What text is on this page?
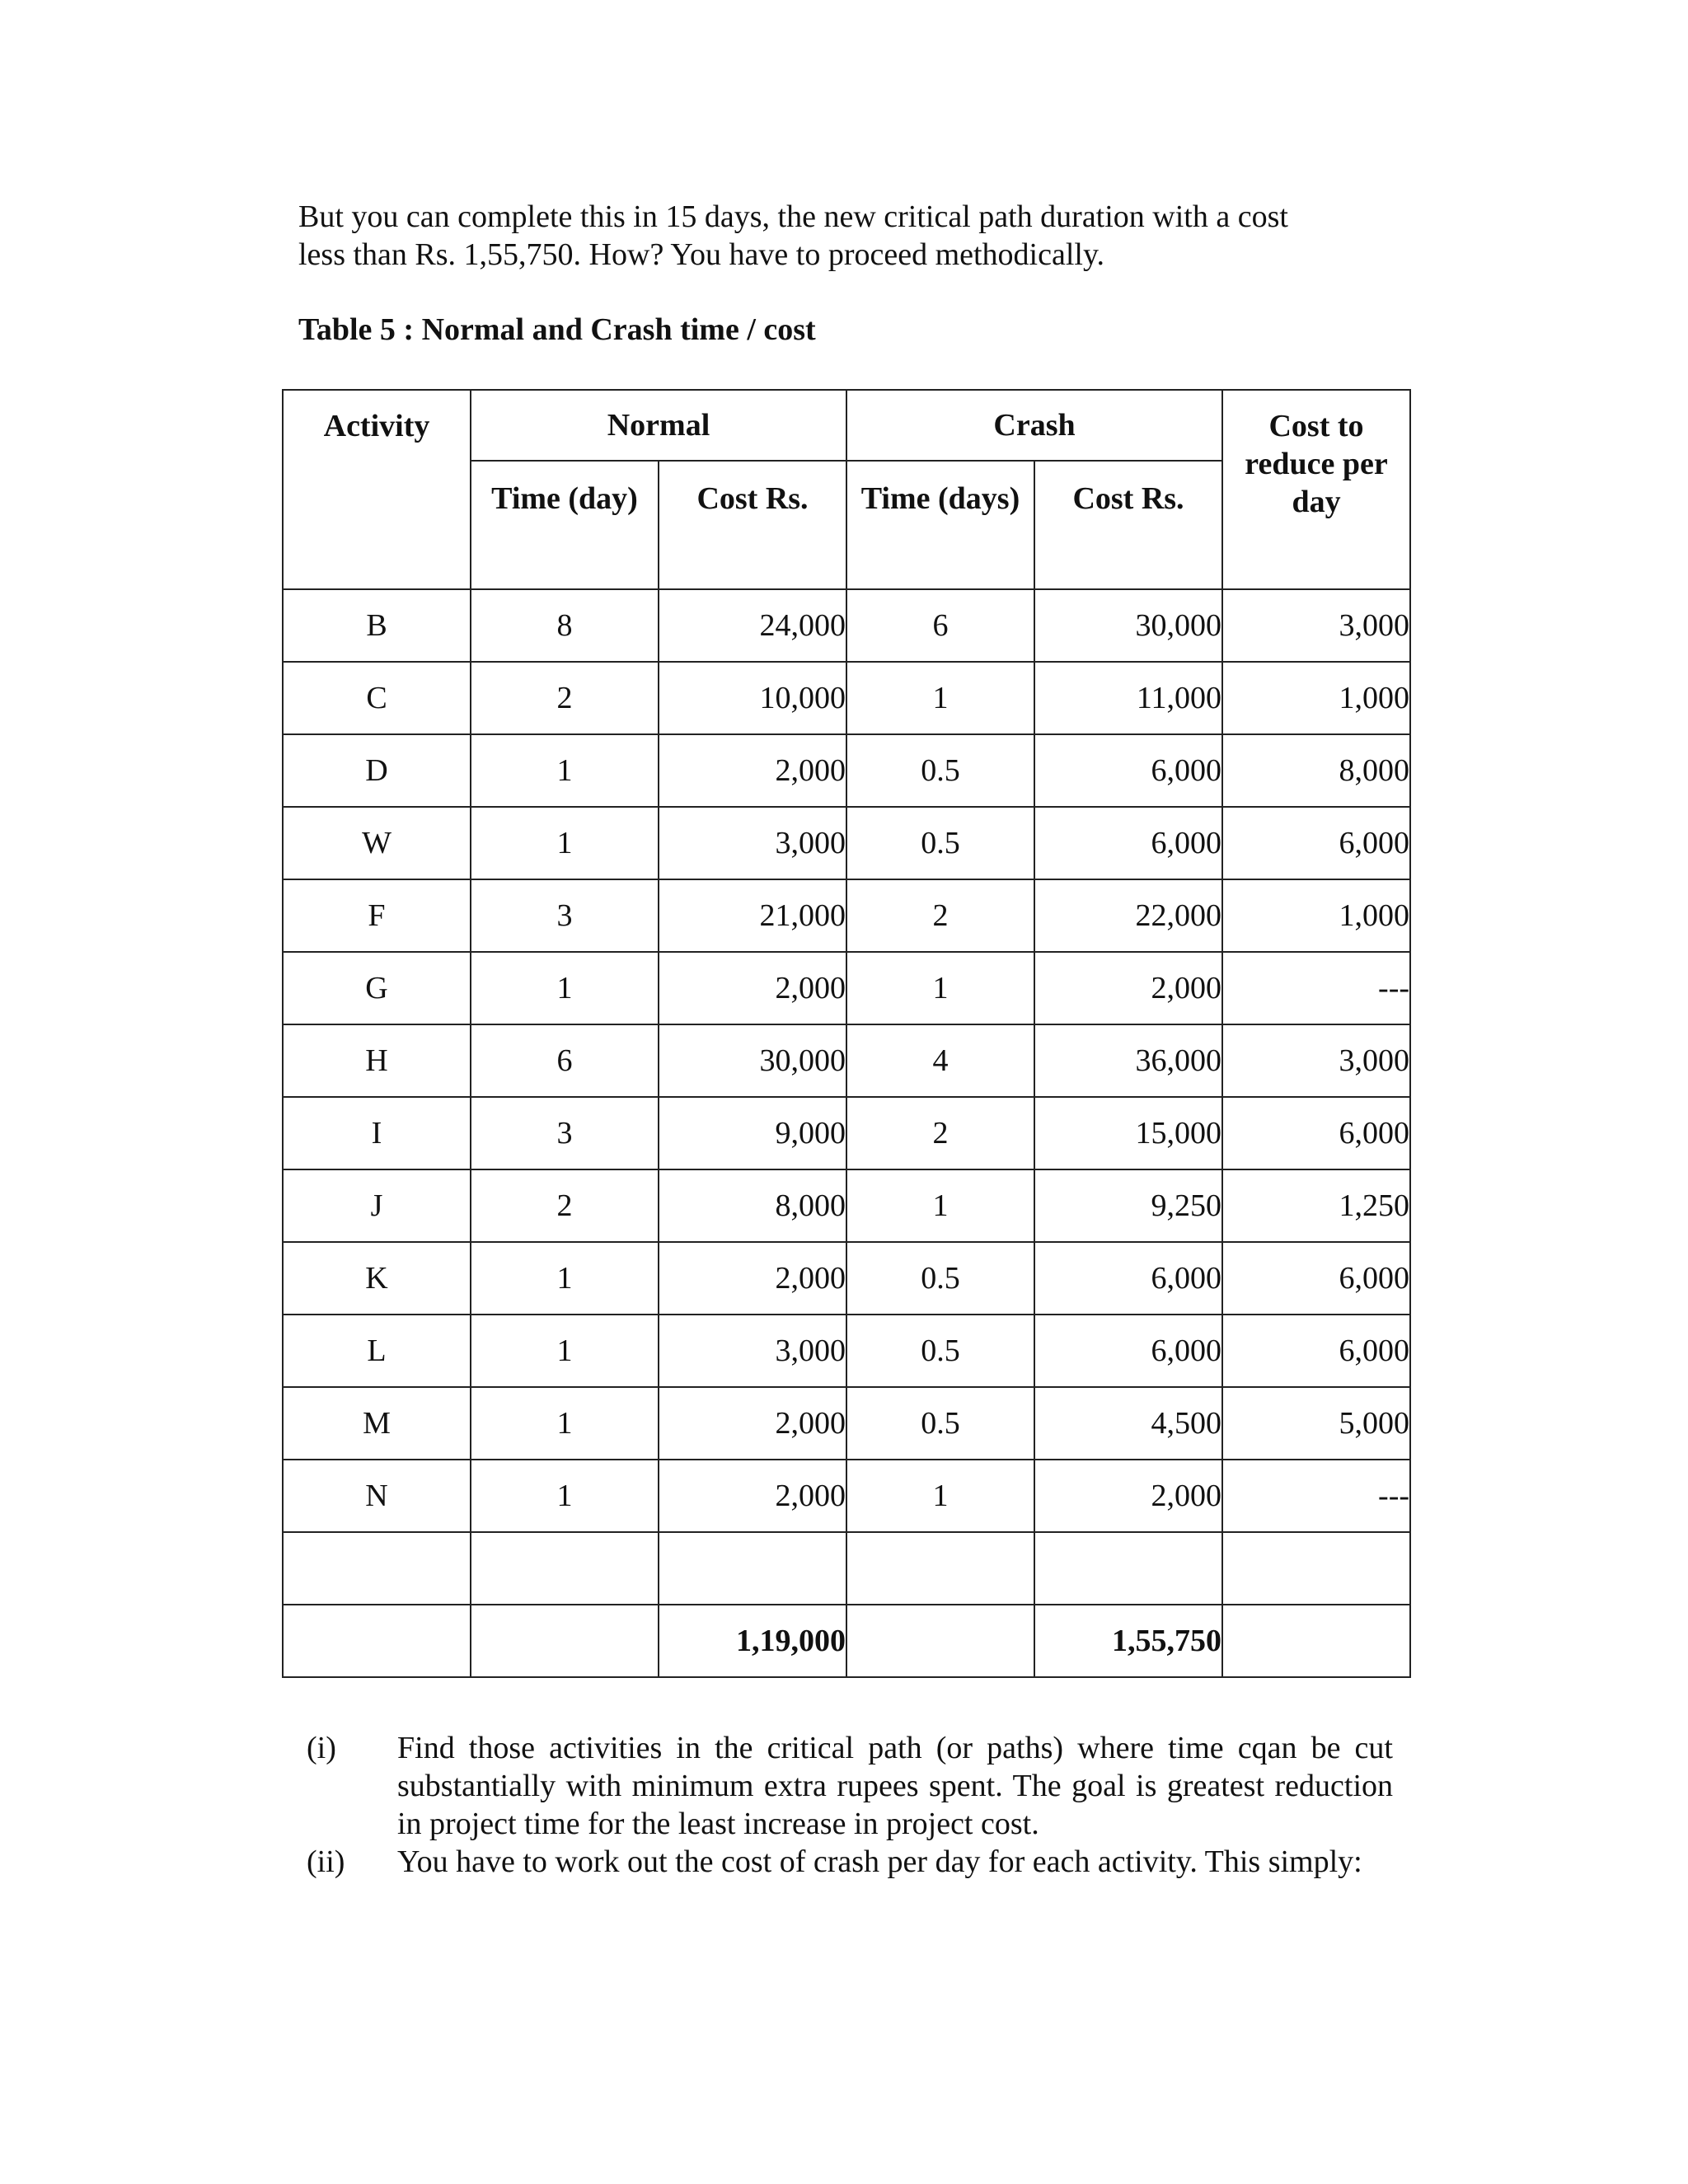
But you can complete this in 15 days, the new critical path duration with a cost
less than Rs. 1,55,750. How? You have to proceed methodically.

Table 5 : Normal and Crash time / cost

Activity	Normal		Crash		Cost to reduce per day
	Time (day)	Cost Rs.	Time (days)	Cost Rs.	
B	8	24,000	6	30,000	3,000
C	2	10,000	1	11,000	1,000
D	1	2,000	0.5	6,000	8,000
W	1	3,000	0.5	6,000	6,000
F	3	21,000	2	22,000	1,000
G	1	2,000	1	2,000	---
H	6	30,000	4	36,000	3,000
I	3	9,000	2	15,000	6,000
J	2	8,000	1	9,250	1,250
K	1	2,000	0.5	6,000	6,000
L	1	3,000	0.5	6,000	6,000
M	1	2,000	0.5	4,500	5,000
N	1	2,000	1	2,000	---

		1,19,000		1,55,750	
(i) Find those activities in the critical path (or paths) where time cqan be cut substantially with minimum extra rupees spent. The goal is greatest reduction in project time for the least increase in project cost.
(ii) You have to work out the cost of crash per day for each activity. This simply:
